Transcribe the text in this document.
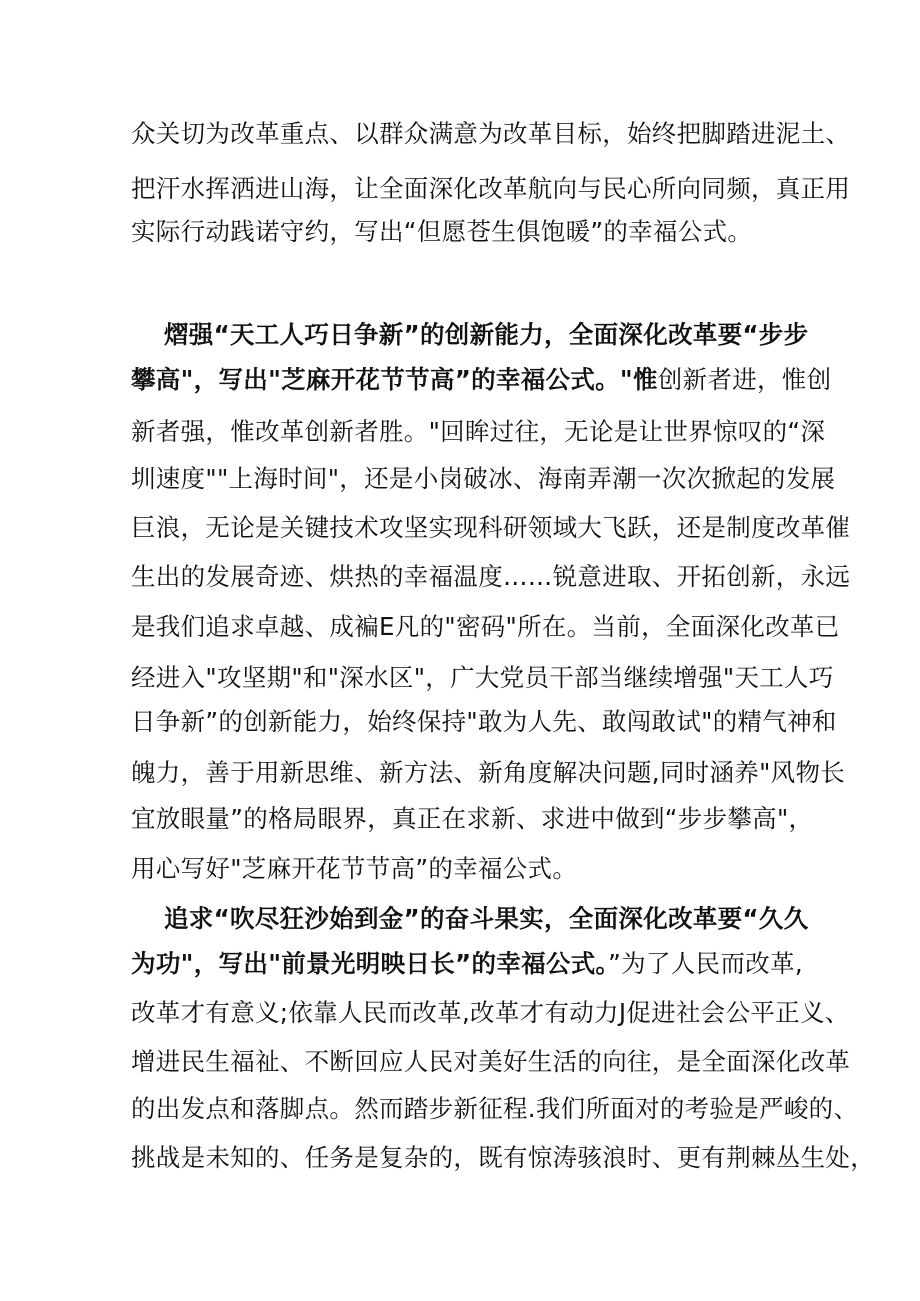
众关切为改革重点、以群众满意为改革目标，始终把脚踏进泥土、
把汗水挥洒进山海，让全面深化改革航向与民心所向同频，真正用
实际行动践诺守约，写出“但愿苍生俱饱暖”的幸福公式。
熠强“天工人巧日争新”的创新能力，全面深化改革要“步步
攀高"，写出"芝麻开花节节高”的幸福公式。"惟创新者进，惟创
新者强，惟改革创新者胜。"回眸过往，无论是让世界惊叹的“深
圳速度""上海时间"，还是小岗破冰、海南弄潮一次次掀起的发展
巨浪，无论是关键技术攻坚实现科研领域大飞跃，还是制度改革催
生出的发展奇迹、烘热的幸福温度……锐意进取、开拓创新，永远
是我们追求卓越、成褊E凡的"密码"所在。当前，全面深化改革已
经进入"攻坚期"和"深水区"，广大党员干部当继续增强"天工人巧
日争新”的创新能力，始终保持"敢为人先、敢闯敢试"的精气神和
魄力，善于用新思维、新方法、新角度解决问题,同时涵养"风物长
宜放眼量”的格局眼界，真正在求新、求进中做到“步步攀高"，
用心写好"芝麻开花节节高”的幸福公式。
追求“吹尽狂沙始到金”的奋斗果实，全面深化改革要“久久
为功"，写出"前景光明映日长”的幸福公式。”为了人民而改革,
改革才有意义;依靠人民而改革,改革才有动力J促进社会公平正义、
增进民生福祉、不断回应人民对美好生活的向往，是全面深化改革
的出发点和落脚点。然而踏步新征程.我们所面对的考验是严峻的、
挑战是未知的、任务是复杂的，既有惊涛骇浪时、更有荆棘丛生处，
